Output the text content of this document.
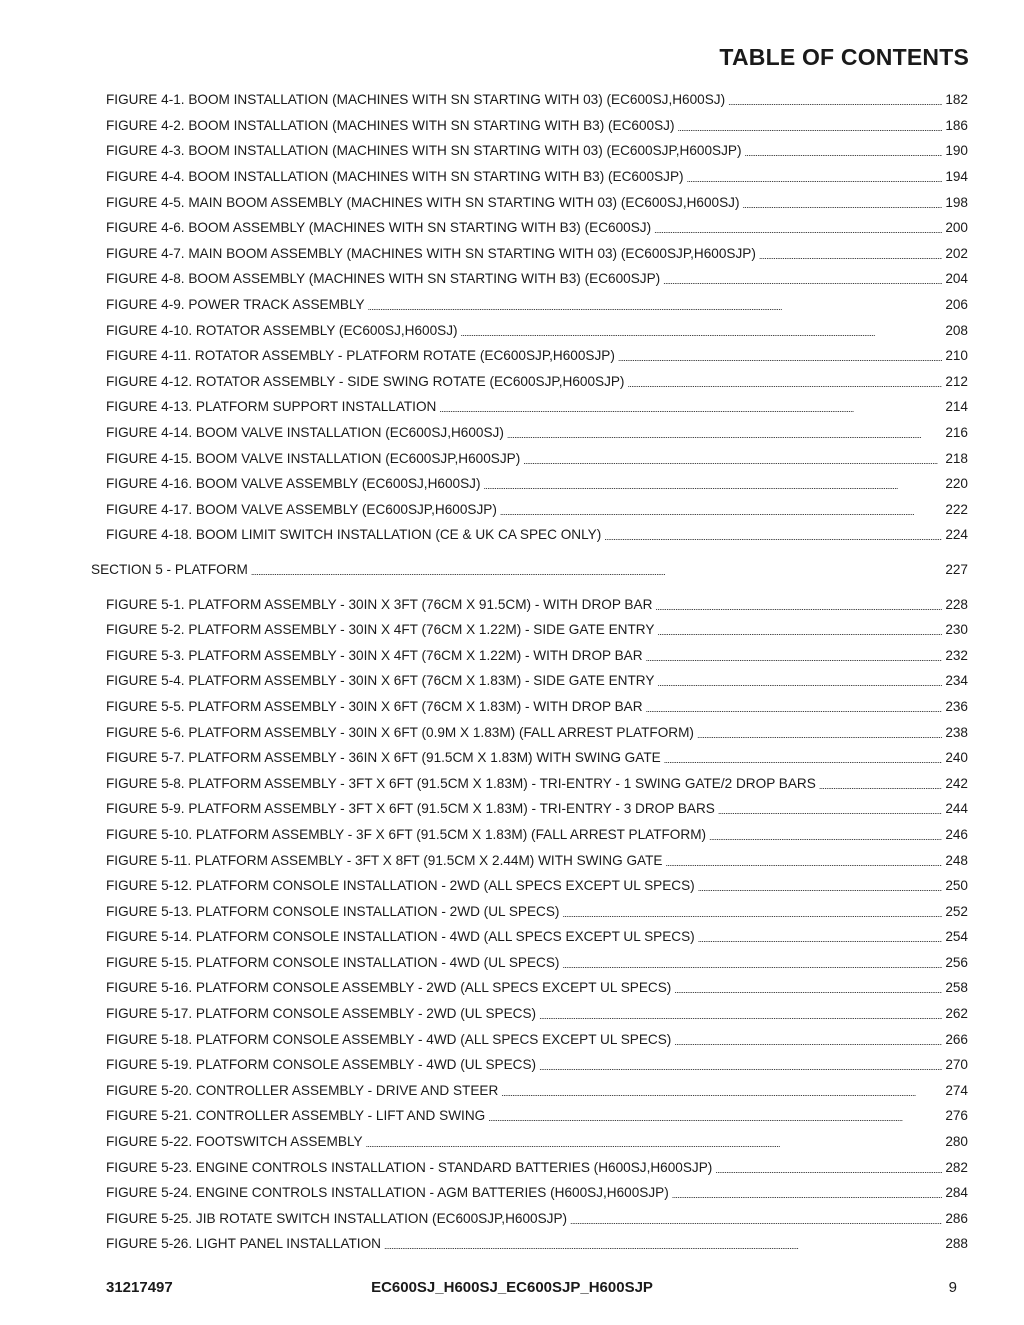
TABLE OF CONTENTS
FIGURE 4-1. BOOM INSTALLATION (MACHINES WITH SN STARTING WITH 03) (EC600SJ,H600SJ) . . .	182
FIGURE 4-2. BOOM INSTALLATION (MACHINES WITH SN STARTING WITH B3) (EC600SJ) . . .	186
FIGURE 4-3. BOOM INSTALLATION (MACHINES WITH SN STARTING WITH 03) (EC600SJP,H600SJP) . . .	190
FIGURE 4-4. BOOM INSTALLATION (MACHINES WITH SN STARTING WITH B3) (EC600SJP) . . .	194
FIGURE 4-5. MAIN BOOM ASSEMBLY (MACHINES WITH SN STARTING WITH 03) (EC600SJ,H600SJ) . . .	198
FIGURE 4-6. BOOM ASSEMBLY (MACHINES WITH SN STARTING WITH B3) (EC600SJ) . . .	200
FIGURE 4-7. MAIN BOOM ASSEMBLY (MACHINES WITH SN STARTING WITH 03) (EC600SJP,H600SJP) . . .	202
FIGURE 4-8. BOOM ASSEMBLY (MACHINES WITH SN STARTING WITH B3) (EC600SJP) . . .	204
FIGURE 4-9. POWER TRACK ASSEMBLY . . .	206
FIGURE 4-10. ROTATOR ASSEMBLY (EC600SJ,H600SJ) . . .	208
FIGURE 4-11. ROTATOR ASSEMBLY - PLATFORM ROTATE (EC600SJP,H600SJP) . . .	210
FIGURE 4-12. ROTATOR ASSEMBLY - SIDE SWING ROTATE (EC600SJP,H600SJP) . . .	212
FIGURE 4-13. PLATFORM SUPPORT INSTALLATION . . .	214
FIGURE 4-14. BOOM VALVE INSTALLATION (EC600SJ,H600SJ) . . .	216
FIGURE 4-15. BOOM VALVE INSTALLATION (EC600SJP,H600SJP) . . .	218
FIGURE 4-16. BOOM VALVE ASSEMBLY (EC600SJ,H600SJ) . . .	220
FIGURE 4-17. BOOM VALVE ASSEMBLY (EC600SJP,H600SJP) . . .	222
FIGURE 4-18. BOOM LIMIT SWITCH INSTALLATION (CE & UK CA SPEC ONLY) . . .	224
SECTION 5 - PLATFORM . . .	227
FIGURE 5-1. PLATFORM ASSEMBLY - 30IN X 3FT (76CM X 91.5CM) - WITH DROP BAR . . .	228
FIGURE 5-2. PLATFORM ASSEMBLY - 30IN X 4FT (76CM X 1.22M) - SIDE GATE ENTRY . . .	230
FIGURE 5-3. PLATFORM ASSEMBLY - 30IN X 4FT (76CM X 1.22M) - WITH DROP BAR . . .	232
FIGURE 5-4. PLATFORM ASSEMBLY - 30IN X 6FT (76CM X 1.83M) - SIDE GATE ENTRY . . .	234
FIGURE 5-5. PLATFORM ASSEMBLY - 30IN X 6FT (76CM X 1.83M) - WITH DROP BAR . . .	236
FIGURE 5-6. PLATFORM ASSEMBLY - 30IN X 6FT (0.9M X 1.83M) (FALL ARREST PLATFORM) . . .	238
FIGURE 5-7. PLATFORM ASSEMBLY - 36IN X 6FT (91.5CM X 1.83M) WITH SWING GATE . . .	240
FIGURE 5-8. PLATFORM ASSEMBLY - 3FT X 6FT (91.5CM X 1.83M) - TRI-ENTRY - 1 SWING GATE/2 DROP BARS . . .	242
FIGURE 5-9. PLATFORM ASSEMBLY - 3FT X 6FT (91.5CM X 1.83M) - TRI-ENTRY - 3 DROP BARS . . .	244
FIGURE 5-10. PLATFORM ASSEMBLY - 3F X 6FT (91.5CM X 1.83M) (FALL ARREST PLATFORM) . . .	246
FIGURE 5-11. PLATFORM ASSEMBLY - 3FT X 8FT (91.5CM X 2.44M) WITH SWING GATE . . .	248
FIGURE 5-12. PLATFORM CONSOLE INSTALLATION - 2WD (ALL SPECS EXCEPT UL SPECS) . . .	250
FIGURE 5-13. PLATFORM CONSOLE INSTALLATION - 2WD (UL SPECS) . . .	252
FIGURE 5-14. PLATFORM CONSOLE INSTALLATION - 4WD (ALL SPECS EXCEPT UL SPECS) . . .	254
FIGURE 5-15. PLATFORM CONSOLE INSTALLATION - 4WD (UL SPECS) . . .	256
FIGURE 5-16. PLATFORM CONSOLE ASSEMBLY - 2WD (ALL SPECS EXCEPT UL SPECS) . . .	258
FIGURE 5-17. PLATFORM CONSOLE ASSEMBLY - 2WD (UL SPECS) . . .	262
FIGURE 5-18. PLATFORM CONSOLE ASSEMBLY - 4WD (ALL SPECS EXCEPT UL SPECS) . . .	266
FIGURE 5-19. PLATFORM CONSOLE ASSEMBLY - 4WD (UL SPECS) . . .	270
FIGURE 5-20. CONTROLLER ASSEMBLY - DRIVE AND STEER . . .	274
FIGURE 5-21. CONTROLLER ASSEMBLY - LIFT AND SWING . . .	276
FIGURE 5-22. FOOTSWITCH ASSEMBLY . . .	280
FIGURE 5-23. ENGINE CONTROLS INSTALLATION - STANDARD BATTERIES (H600SJ,H600SJP) . . .	282
FIGURE 5-24. ENGINE CONTROLS INSTALLATION - AGM BATTERIES (H600SJ,H600SJP) . . .	284
FIGURE 5-25. JIB ROTATE SWITCH INSTALLATION (EC600SJP,H600SJP) . . .	286
FIGURE 5-26. LIGHT PANEL INSTALLATION . . .	288
31217497	EC600SJ_H600SJ_EC600SJP_H600SJP	9
